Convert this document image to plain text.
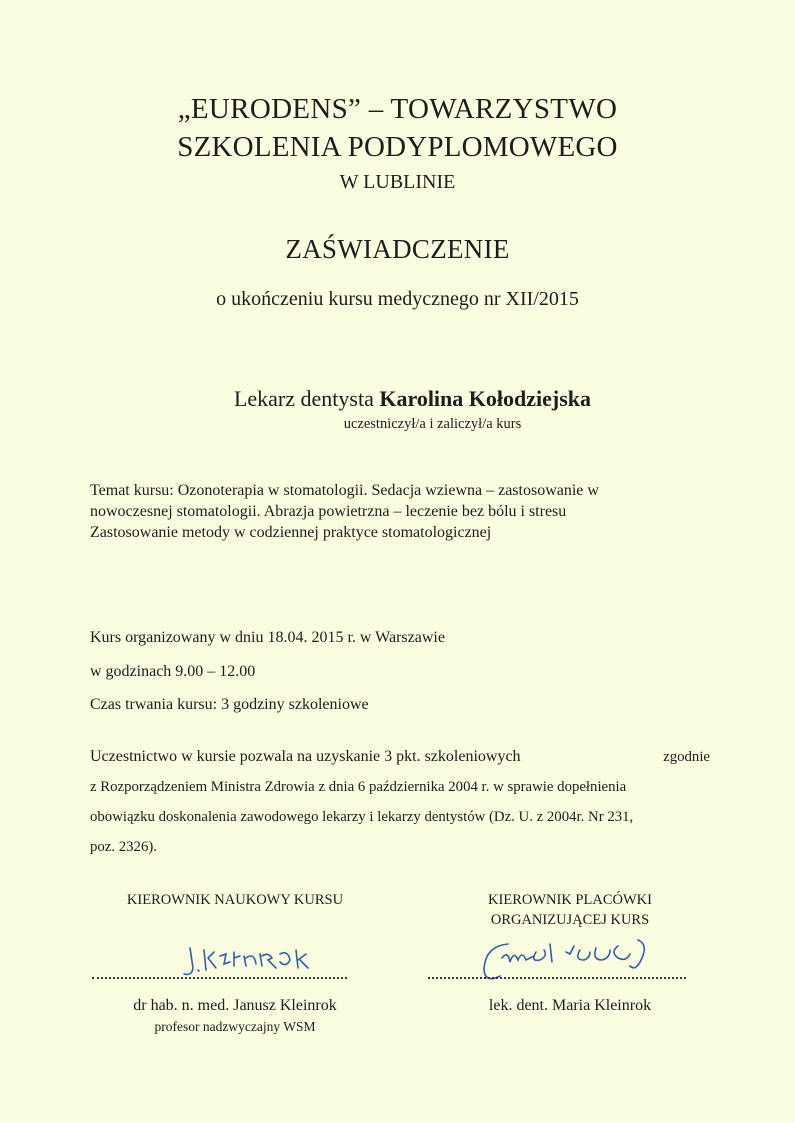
„EURODENS” – TOWARZYSTWO
SZKOLENIA PODYPLOMOWEGO
W LUBLINIE
ZAŚWIADCZENIE
o ukończeniu kursu medycznego nr XII/2015
Lekarz dentysta Karolina Kołodziejska
uczestniczył/a i zaliczył/a kurs
Temat kursu: Ozonoterapia w stomatologii. Sedacja wziewna – zastosowanie w
nowoczesnej stomatologii. Abrazja powietrzna – leczenie bez bólu i stresu
Zastosowanie metody w codziennej praktyce stomatologicznej
Kurs organizowany w dniu 18.04. 2015 r. w Warszawie
w godzinach 9.00 – 12.00
Czas trwania kursu: 3 godziny szkoleniowe
Uczestnictwo w kursie pozwala na uzyskanie 3 pkt. szkoleniowych	zgodnie
z Rozporządzeniem Ministra Zdrowia z dnia 6 października 2004 r. w sprawie dopełnienia
obowiązku doskonalenia zawodowego lekarzy i lekarzy dentystów (Dz. U. z 2004r. Nr 231,
poz. 2326).
KIEROWNIK NAUKOWY KURSU	KIEROWNIK PLACÓWKI
ORGANIZUJĄCEJ KURS
dr hab. n. med. Janusz Kleinrok
profesor nadzwyczajny WSM
lek. dent. Maria Kleinrok
